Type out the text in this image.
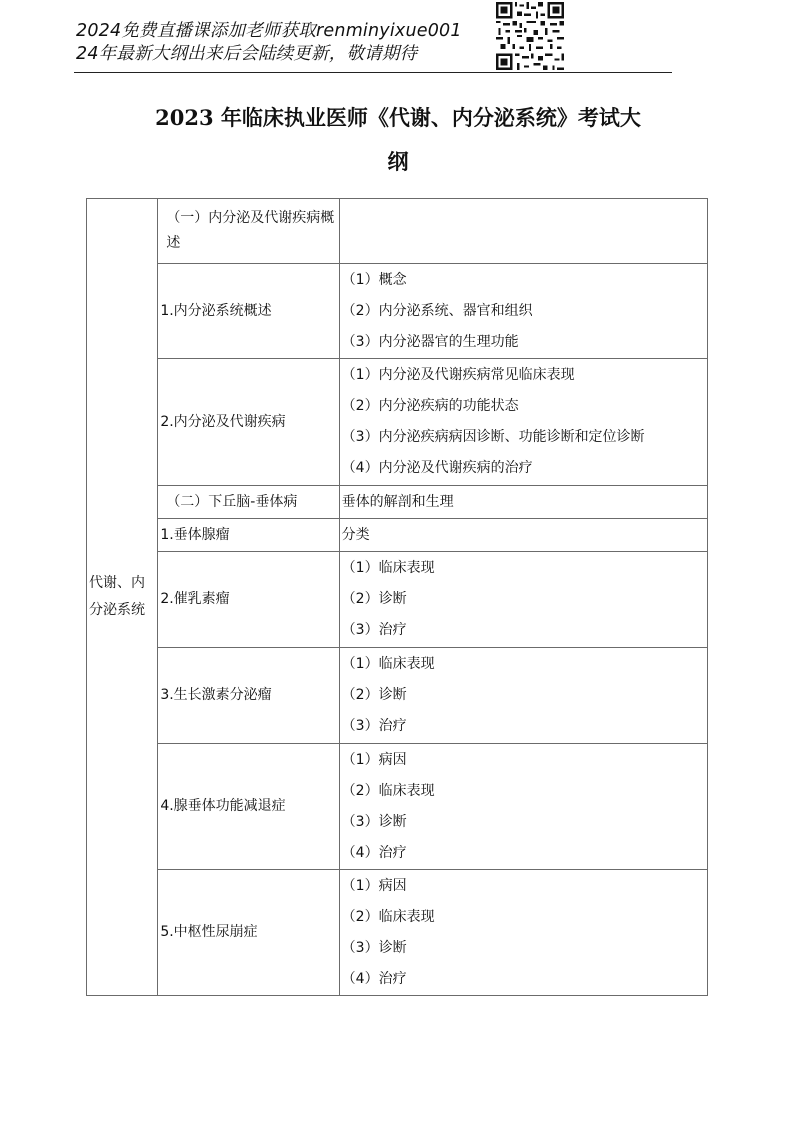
2024免费直播课添加老师获取renminyixue001
24年最新大纲出来后会陆续更新，敬请期待
2023 年临床执业医师《代谢、内分泌系统》考试大
纲
代谢、内分泌系统	（一）内分泌及代谢疾病概述	
	1.内分泌系统概述	（1）概念
（2）内分泌系统、器官和组织
（3）内分泌器官的生理功能

	2.内分泌及代谢疾病	（1）内分泌及代谢疾病常见临床表现
（2）内分泌疾病的功能状态
（3）内分泌疾病病因诊断、功能诊断和定位诊断
（4）内分泌及代谢疾病的治疗

	（二）下丘脑-垂体病	垂体的解剖和生理

	1.垂体腺瘤	分类

	2.催乳素瘤	（1）临床表现
（2）诊断
（3）治疗

	3.生长激素分泌瘤	（1）临床表现
（2）诊断
（3）治疗

	4.腺垂体功能减退症	（1）病因
（2）临床表现
（3）诊断
（4）治疗

	5.中枢性尿崩症	（1）病因
（2）临床表现
（3）诊断
（4）治疗
